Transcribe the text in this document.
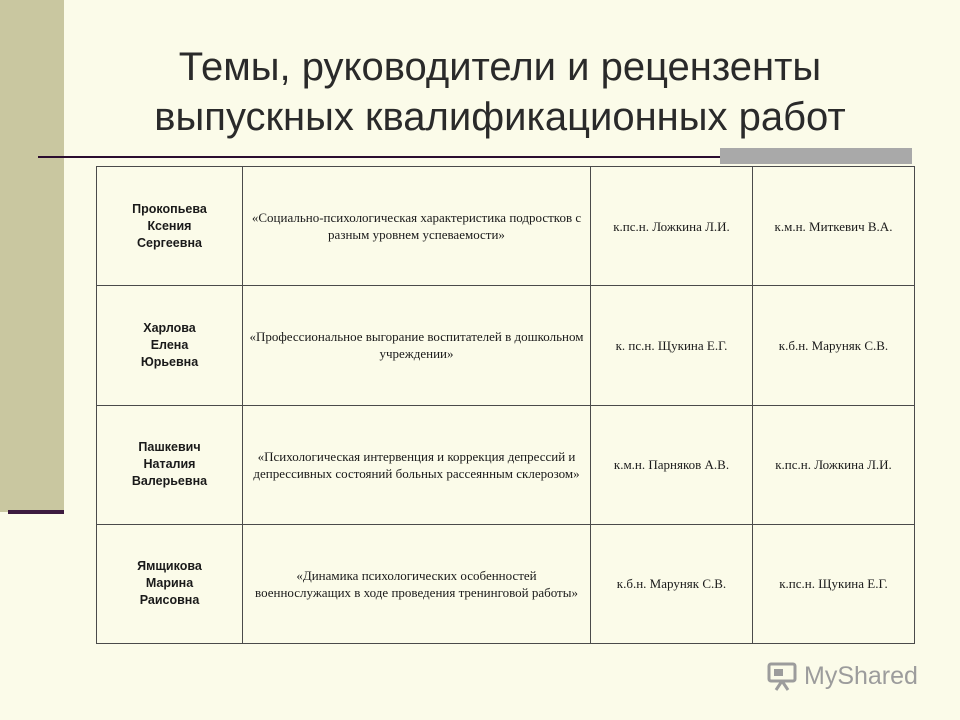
Темы, руководители и рецензенты
выпускных квалификационных работ
Прокопьева
Ксения
Сергеевна	«Социально-психологическая характеристика подростков с разным уровнем успеваемости»	к.пс.н. Ложкина Л.И.	к.м.н. Миткевич В.А.

Харлова
Елена
Юрьевна	«Профессиональное выгорание воспитателей в дошкольном учреждении»	к. пс.н. Щукина Е.Г.	к.б.н. Маруняк С.В.

Пашкевич
Наталия
Валерьевна	«Психологическая интервенция и коррекция депрессий и депрессивных состояний больных рассеянным склерозом»	к.м.н. Парняков А.В.	к.пс.н. Ложкина Л.И.

Ямщикова
Марина
Раисовна	«Динамика психологических особенностей военнослужащих в ходе проведения тренинговой работы»	к.б.н. Маруняк С.В.	к.пс.н. Щукина Е.Г.
MyShared
